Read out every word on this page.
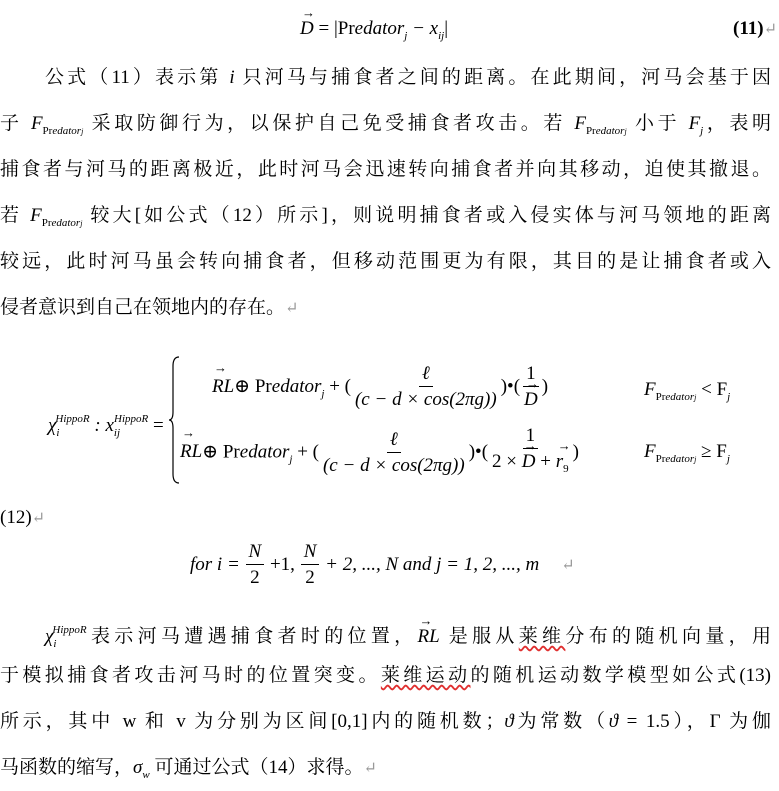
→ D = |Predator$_j$ − $x_{ij}|$	(11)↵
公式（11）表示第 i 只河马与捕食者之间的距离。在此期间，河马会基于因
子 $F_{Predatorj}$ 采取防御行为，以保护自己免受捕食者攻击。若 $F_{Predatorj}$ 小于 $F_j$，表明
捕食者与河马的距离极近，此时河马会迅速转向捕食者并向其移动，迫使其撤退。
若 $F_{Predatorj}$ 较大[如公式（12）所示]，则说明捕食者或入侵实体与河马领地的距离
较远，此时河马虽会转向捕食者，但移动范围更为有限，其目的是让捕食者或入
侵者意识到自己在领地内的存在。↵
$\chi_i^{HippoR}$ : $x_{ij}^{HippoR}$ =
→ RL⊕ Predator$_j$ + ( $\frac{\text{ℓ}}{(c - d \times \cos(2\pi g))}$ )•( 1
→ D )	$F_{Predatorj} < F_j$
→ RL⊕ Predator$_j$ + ( $\frac{\text{ℓ}}{(c - d \times \cos(2\pi g))}$ )•( $\frac{1}{2 \times \to D + \to r_9}$ )	$F_{Predatorj} \ge F_j$
(12)↵
for $i = \frac{N}{2} +1$, $\frac{N}{2} + 2$, ..., N and j = 1, 2, ..., m ↵
$\chi_i^{HippoR}$表示河马遭遇捕食者时的位置，→ RL 是服从莱维分布的随机向量，用
于模拟捕食者攻击河马时的位置突变。莱维运动的随机运动数学模型如公式(13)
所示，其中 w 和 v 为分别为区间[0,1]内的随机数；ϑ为常数（ϑ = 1.5），Γ 为伽
马函数的缩写，$\sigma_w$ 可通过公式（14）求得。↵
